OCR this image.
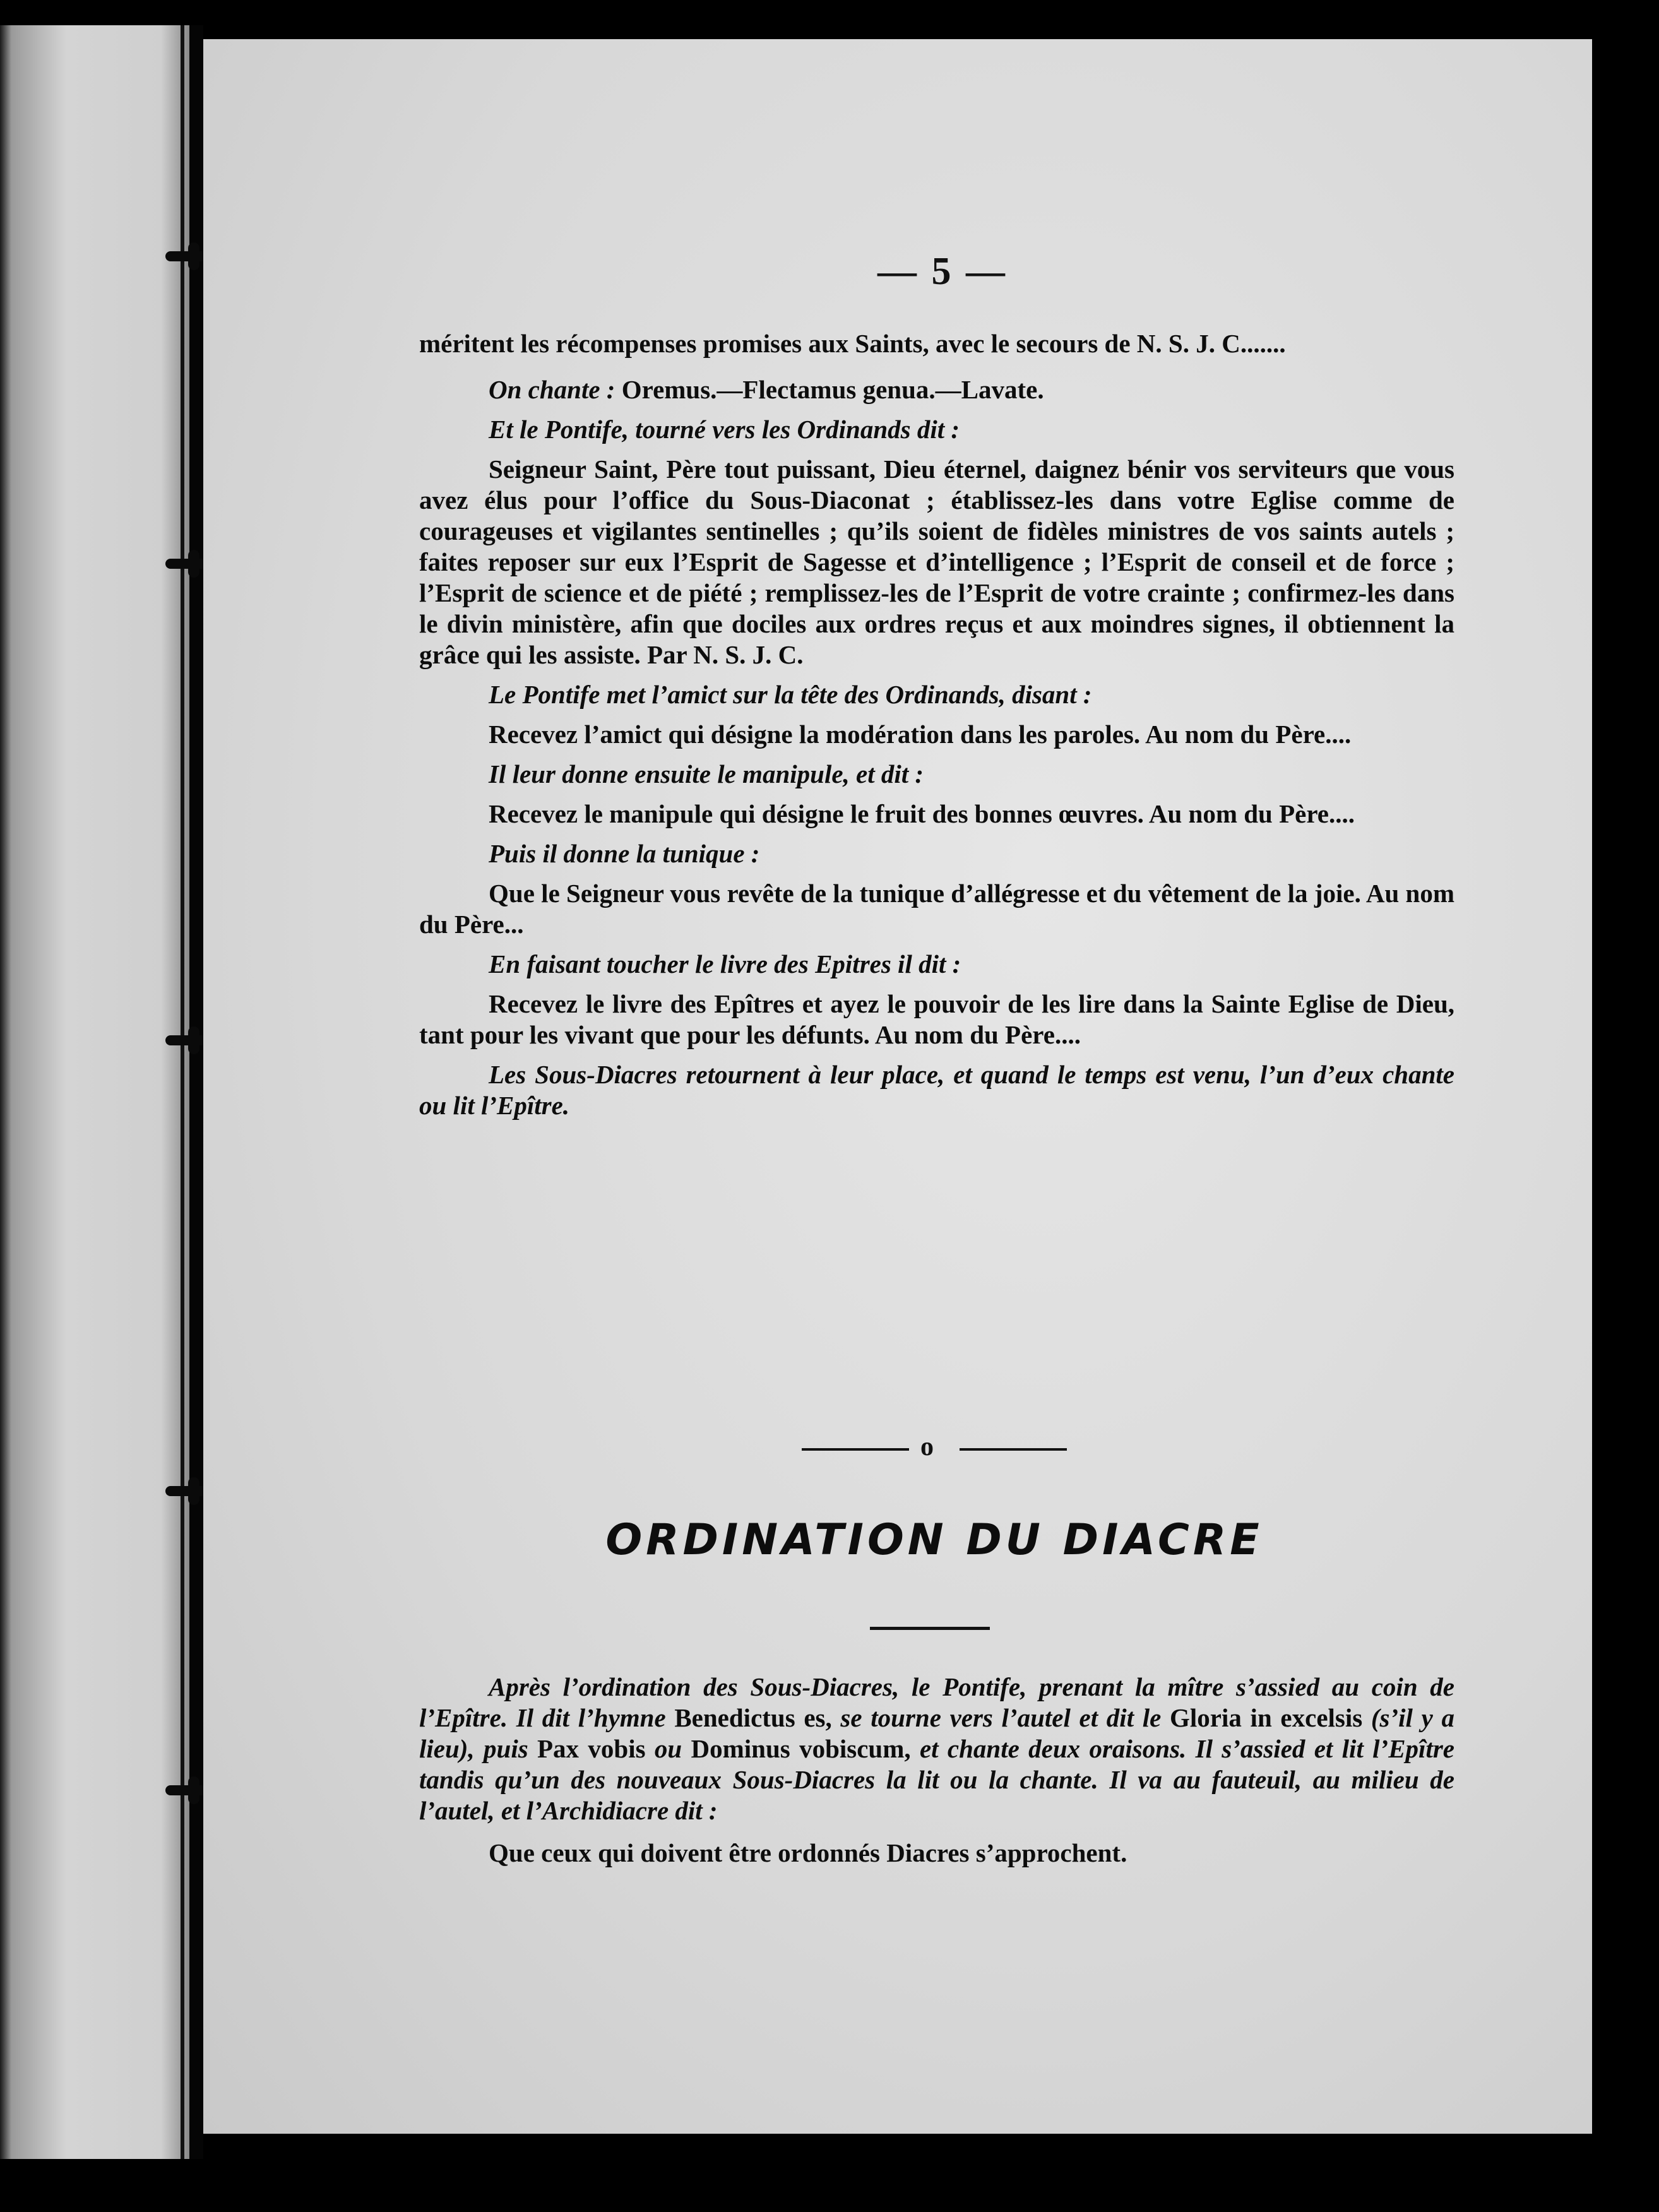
— 5 —

méritent les récompenses promises aux Saints, avec le secours de N. S. J. C.......

On chante : Oremus.—Flectamus genua.—Lavate.

Et le Pontife, tourné vers les Ordinands dit :

Seigneur Saint, Père tout puissant, Dieu éternel, daignez bénir vos serviteurs que vous avez élus pour l’office du Sous-Diaconat ; établissez-les dans votre Eglise comme de courageuses et vigilantes sentinelles ; qu’ils soient de fidèles ministres de vos saints autels ; faites reposer sur eux l’Esprit de Sagesse et d’intelligence ; l’Esprit de conseil et de force ; l’Esprit de science et de piété ; remplissez-les de l’Esprit de votre crainte ; confirmez-les dans le divin ministère, afin que dociles aux ordres reçus et aux moindres signes, il obtiennent la grâce qui les assiste. Par N. S. J. C.

Le Pontife met l’amict sur la tête des Ordinands, disant :

Recevez l’amict qui désigne la modération dans les paroles. Au nom du Père....

Il leur donne ensuite le manipule, et dit :

Recevez le manipule qui désigne le fruit des bonnes œuvres. Au nom du Père....

Puis il donne la tunique :

Que le Seigneur vous revête de la tunique d’allégresse et du vêtement de la joie. Au nom du Père...

En faisant toucher le livre des Epitres il dit :

Recevez le livre des Epîtres et ayez le pouvoir de les lire dans la Sainte Eglise de Dieu, tant pour les vivant que pour les défunts. Au nom du Père....

Les Sous-Diacres retournent à leur place, et quand le temps est venu, l’un d’eux chante ou lit l’Epître.

o
ORDINATION DU DIACRE

Après l’ordination des Sous-Diacres, le Pontife, prenant la mître s’assied au coin de l’Epître. Il dit l’hymne Benedictus es, se tourne vers l’autel et dit le Gloria in excelsis (s’il y a lieu), puis Pax vobis ou Dominus vobiscum, et chante deux oraisons. Il s’assied et lit l’Epître tandis qu’un des nouveaux Sous-Diacres la lit ou la chante. Il va au fauteuil, au milieu de l’autel, et l’Archidiacre dit :

Que ceux qui doivent être ordonnés Diacres s’approchent.
